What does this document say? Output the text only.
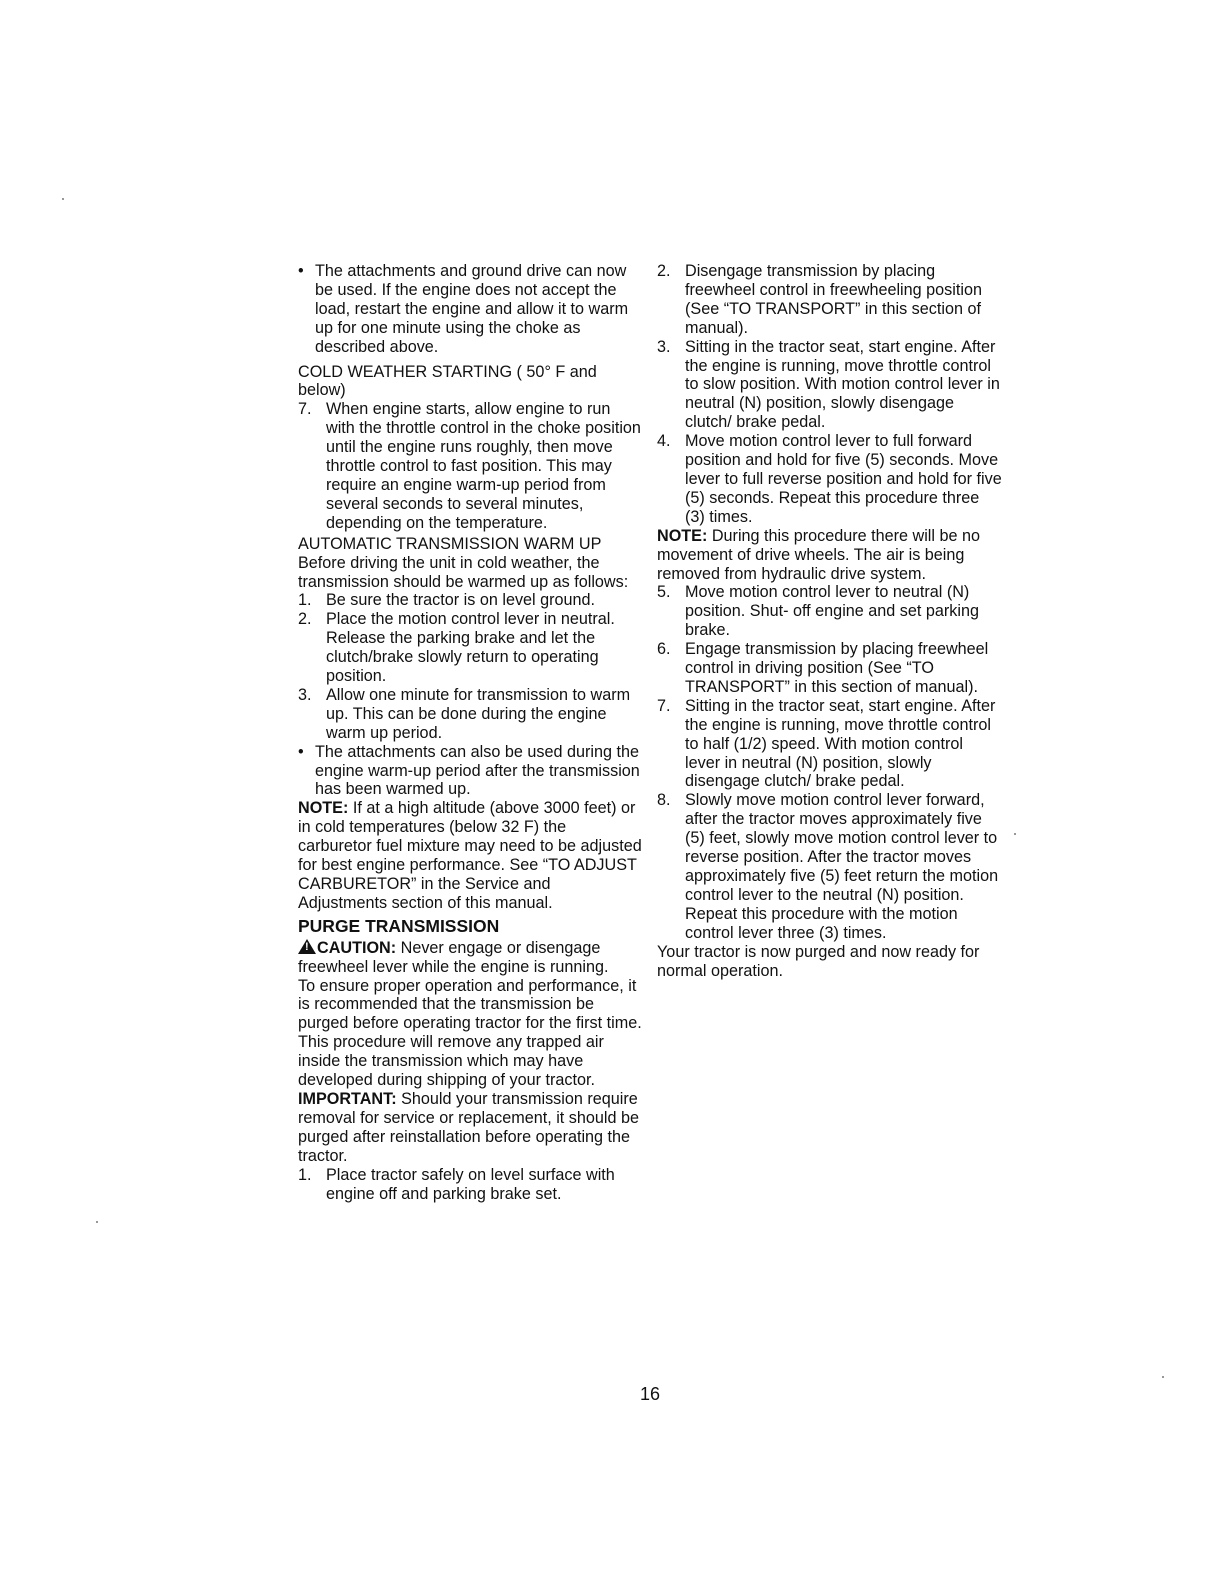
• The attachments and ground drive can now be used. If the engine does not accept the load, restart the engine and allow it to warm up for one minute using the choke as described above.

COLD WEATHER STARTING ( 50° F and below)

7. When engine starts, allow engine to run with the throttle control in the choke position until the engine runs roughly, then move throttle control to fast position. This may require an engine warm-up period from several seconds to several minutes, depending on the temperature.

AUTOMATIC TRANSMISSION WARM UP

Before driving the unit in cold weather, the transmission should be warmed up as follows:

1. Be sure the tractor is on level ground.
2. Place the motion control lever in neutral. Release the parking brake and let the clutch/brake slowly return to operating position.
3. Allow one minute for transmission to warm up. This can be done during the engine warm up period.
• The attachments can also be used during the engine warm-up period after the transmission has been warmed up.

NOTE: If at a high altitude (above 3000 feet) or in cold temperatures (below 32 F) the carburetor fuel mixture may need to be adjusted for best engine performance. See “TO ADJUST CARBURETOR” in the Service and Adjustments section of this manual.

PURGE TRANSMISSION

!CAUTION: Never engage or disengage freewheel lever while the engine is running.

To ensure proper operation and performance, it is recommended that the transmission be purged before operating tractor for the first time. This procedure will remove any trapped air inside the transmission which may have developed during shipping of your tractor.

IMPORTANT: Should your transmission require removal for service or replacement, it should be purged after reinstallation before operating the tractor.

1. Place tractor safely on level surface with engine off and parking brake set.
2. Disengage transmission by placing freewheel control in freewheeling position (See “TO TRANSPORT” in this section of manual).
3. Sitting in the tractor seat, start engine. After the engine is running, move throttle control to slow position. With motion control lever in neutral (N) position, slowly disengage clutch/ brake pedal.
4. Move motion control lever to full forward position and hold for five (5) seconds. Move lever to full reverse position and hold for five (5) seconds. Repeat this procedure three (3) times.

NOTE: During this procedure there will be no movement of drive wheels. The air is being removed from hydraulic drive system.

5. Move motion control lever to neutral (N) position. Shut- off engine and set parking brake.
6. Engage transmission by placing freewheel control in driving position (See “TO TRANSPORT” in this section of manual).
7. Sitting in the tractor seat, start engine. After the engine is running, move throttle control to half (1/2) speed. With motion control lever in neutral (N) position, slowly disengage clutch/ brake pedal.
8. Slowly move motion control lever forward, after the tractor moves approximately five (5) feet, slowly move motion control lever to reverse position. After the tractor moves approximately five (5) feet return the motion control lever to the neutral (N) position. Repeat this procedure with the motion control lever three (3) times.

Your tractor is now purged and now ready for normal operation.

16
